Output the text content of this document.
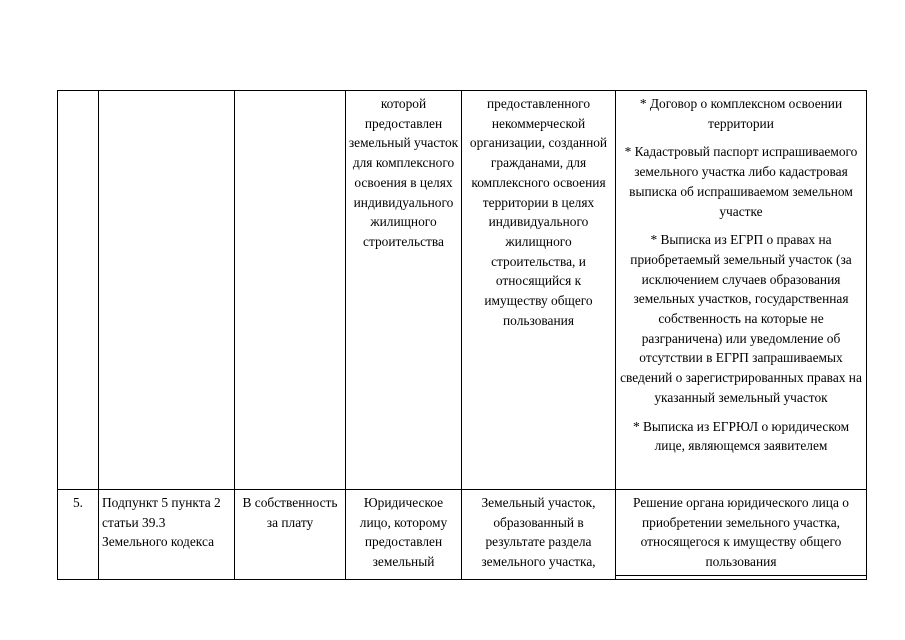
			которой предоставлен земельный участок для комплексного освоения в целях индивидуального жилищного строительства	предоставленного некоммерческой организации, созданной гражданами, для комплексного освоения территории в целях индивидуального жилищного строительства, и относящийся к имуществу общего пользования	* Договор о комплексном освоении территории

* Кадастровый паспорт испрашиваемого земельного участка либо кадастровая выписка об испрашиваемом земельном участке

* Выписка из ЕГРП о правах на приобретаемый земельный участок (за исключением случаев образования земельных участков, государственная собственность на которые не разграничена) или уведомление об отсутствии в ЕГРП запрашиваемых сведений о зарегистрированных правах на указанный земельный участок

* Выписка из ЕГРЮЛ о юридическом лице, являющемся заявителем

5.	Подпункт 5 пункта 2 статьи 39.3 Земельного кодекса	В собственность за плату	Юридическое лицо, которому предоставлен земельный	Земельный участок, образованный в результате раздела земельного участка,	Решение органа юридического лица о приобретении земельного участка, относящегося к имуществу общего пользования
